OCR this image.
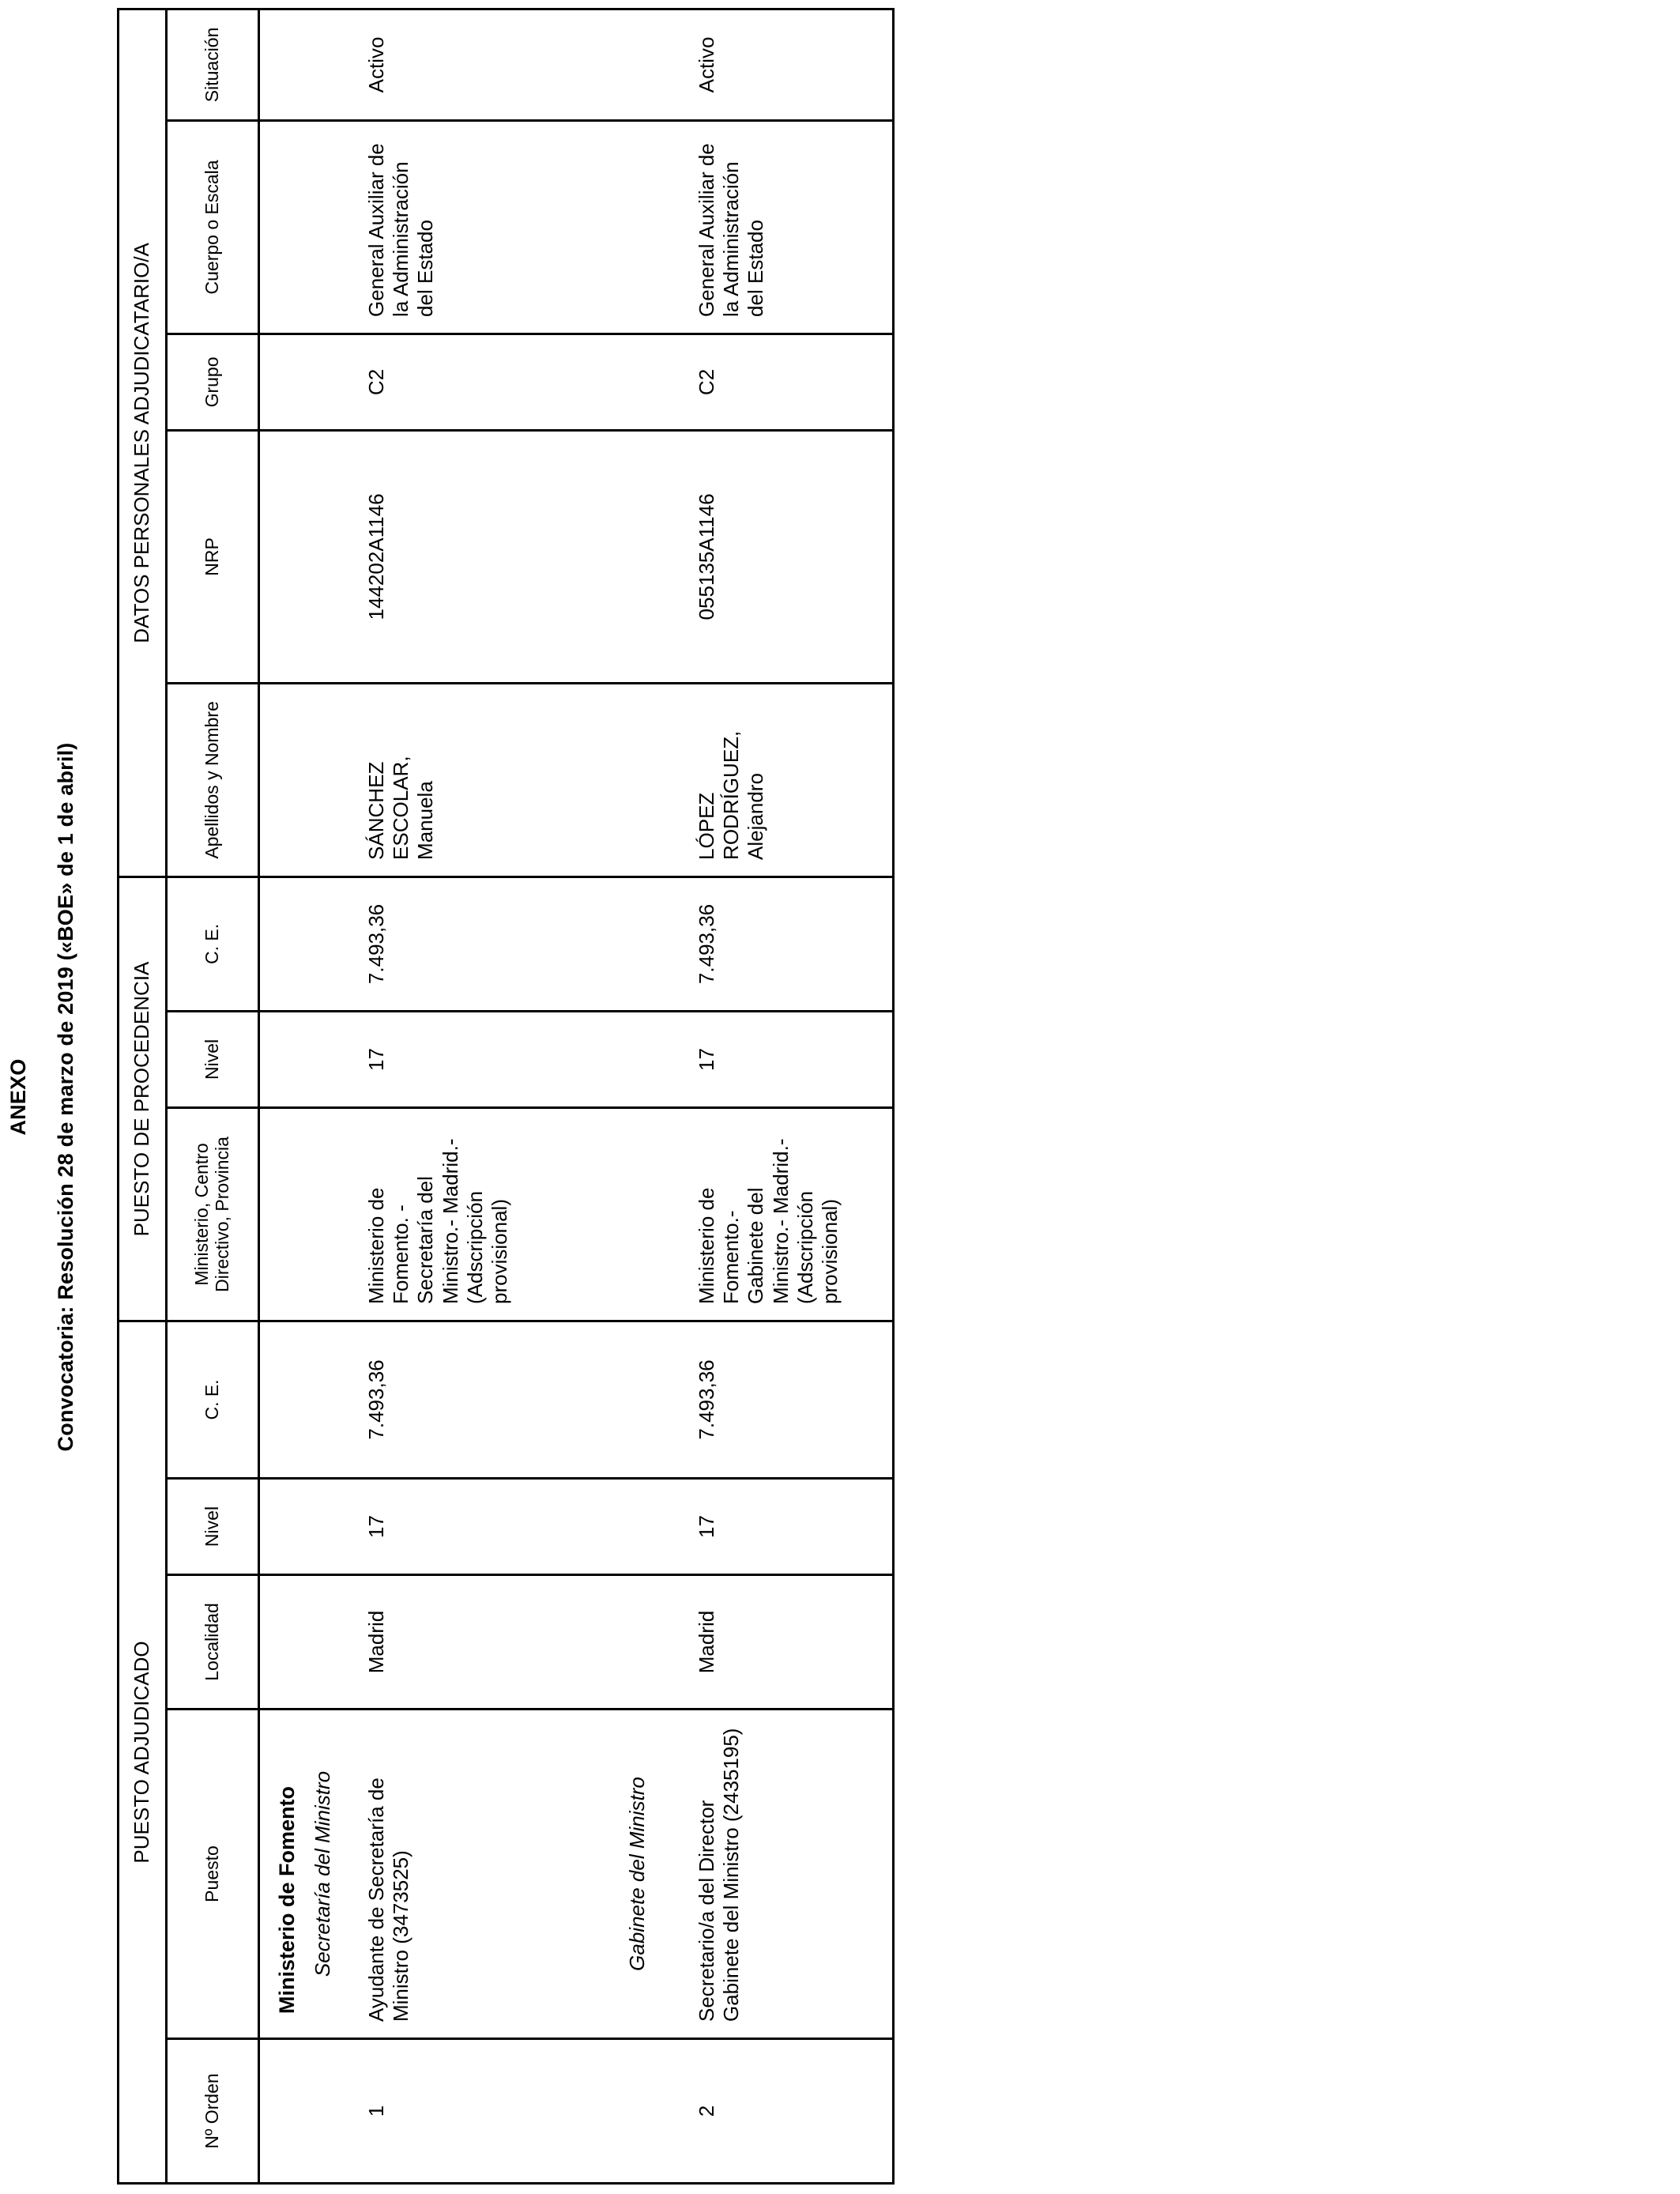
ANEXO Convocatoria: Resolución 28 de marzo de 2019 («BOE» de 1 de abril)
PUESTO ADJUDICADO					PUESTO DE PROCEDENCIA			DATOS PERSONALES ADJUDICATARIO/A				
Nº Orden	Puesto	Localidad	Nivel	C. E.	Ministerio, Centro Directivo, Provincia	Nivel	C. E.	Apellidos y Nombre	NRP	Grupo	Cuerpo o Escala	Situación

	Ministerio de Fomento Secretaría del Ministro											

1	Ayudante de Secretaría de Ministro (3473525)	Madrid	17	7.493,36	Ministerio de Fomento. - Secretaría del Ministro.- Madrid.- (Adscripción provisional)	17	7.493,36	SÁNCHEZ ESCOLAR, Manuela	144202A1146	C2	General Auxiliar de la Administración del Estado	Activo

	Gabinete del Ministro											

2	Secretario/a del Director Gabinete del Ministro (2435195)	Madrid	17	7.493,36	Ministerio de Fomento.- Gabinete del Ministro.- Madrid.- (Adscripción provisional)	17	7.493,36	LÓPEZ RODRÍGUEZ, Alejandro	055135A1146	C2	General Auxiliar de la Administración del Estado	Activo
